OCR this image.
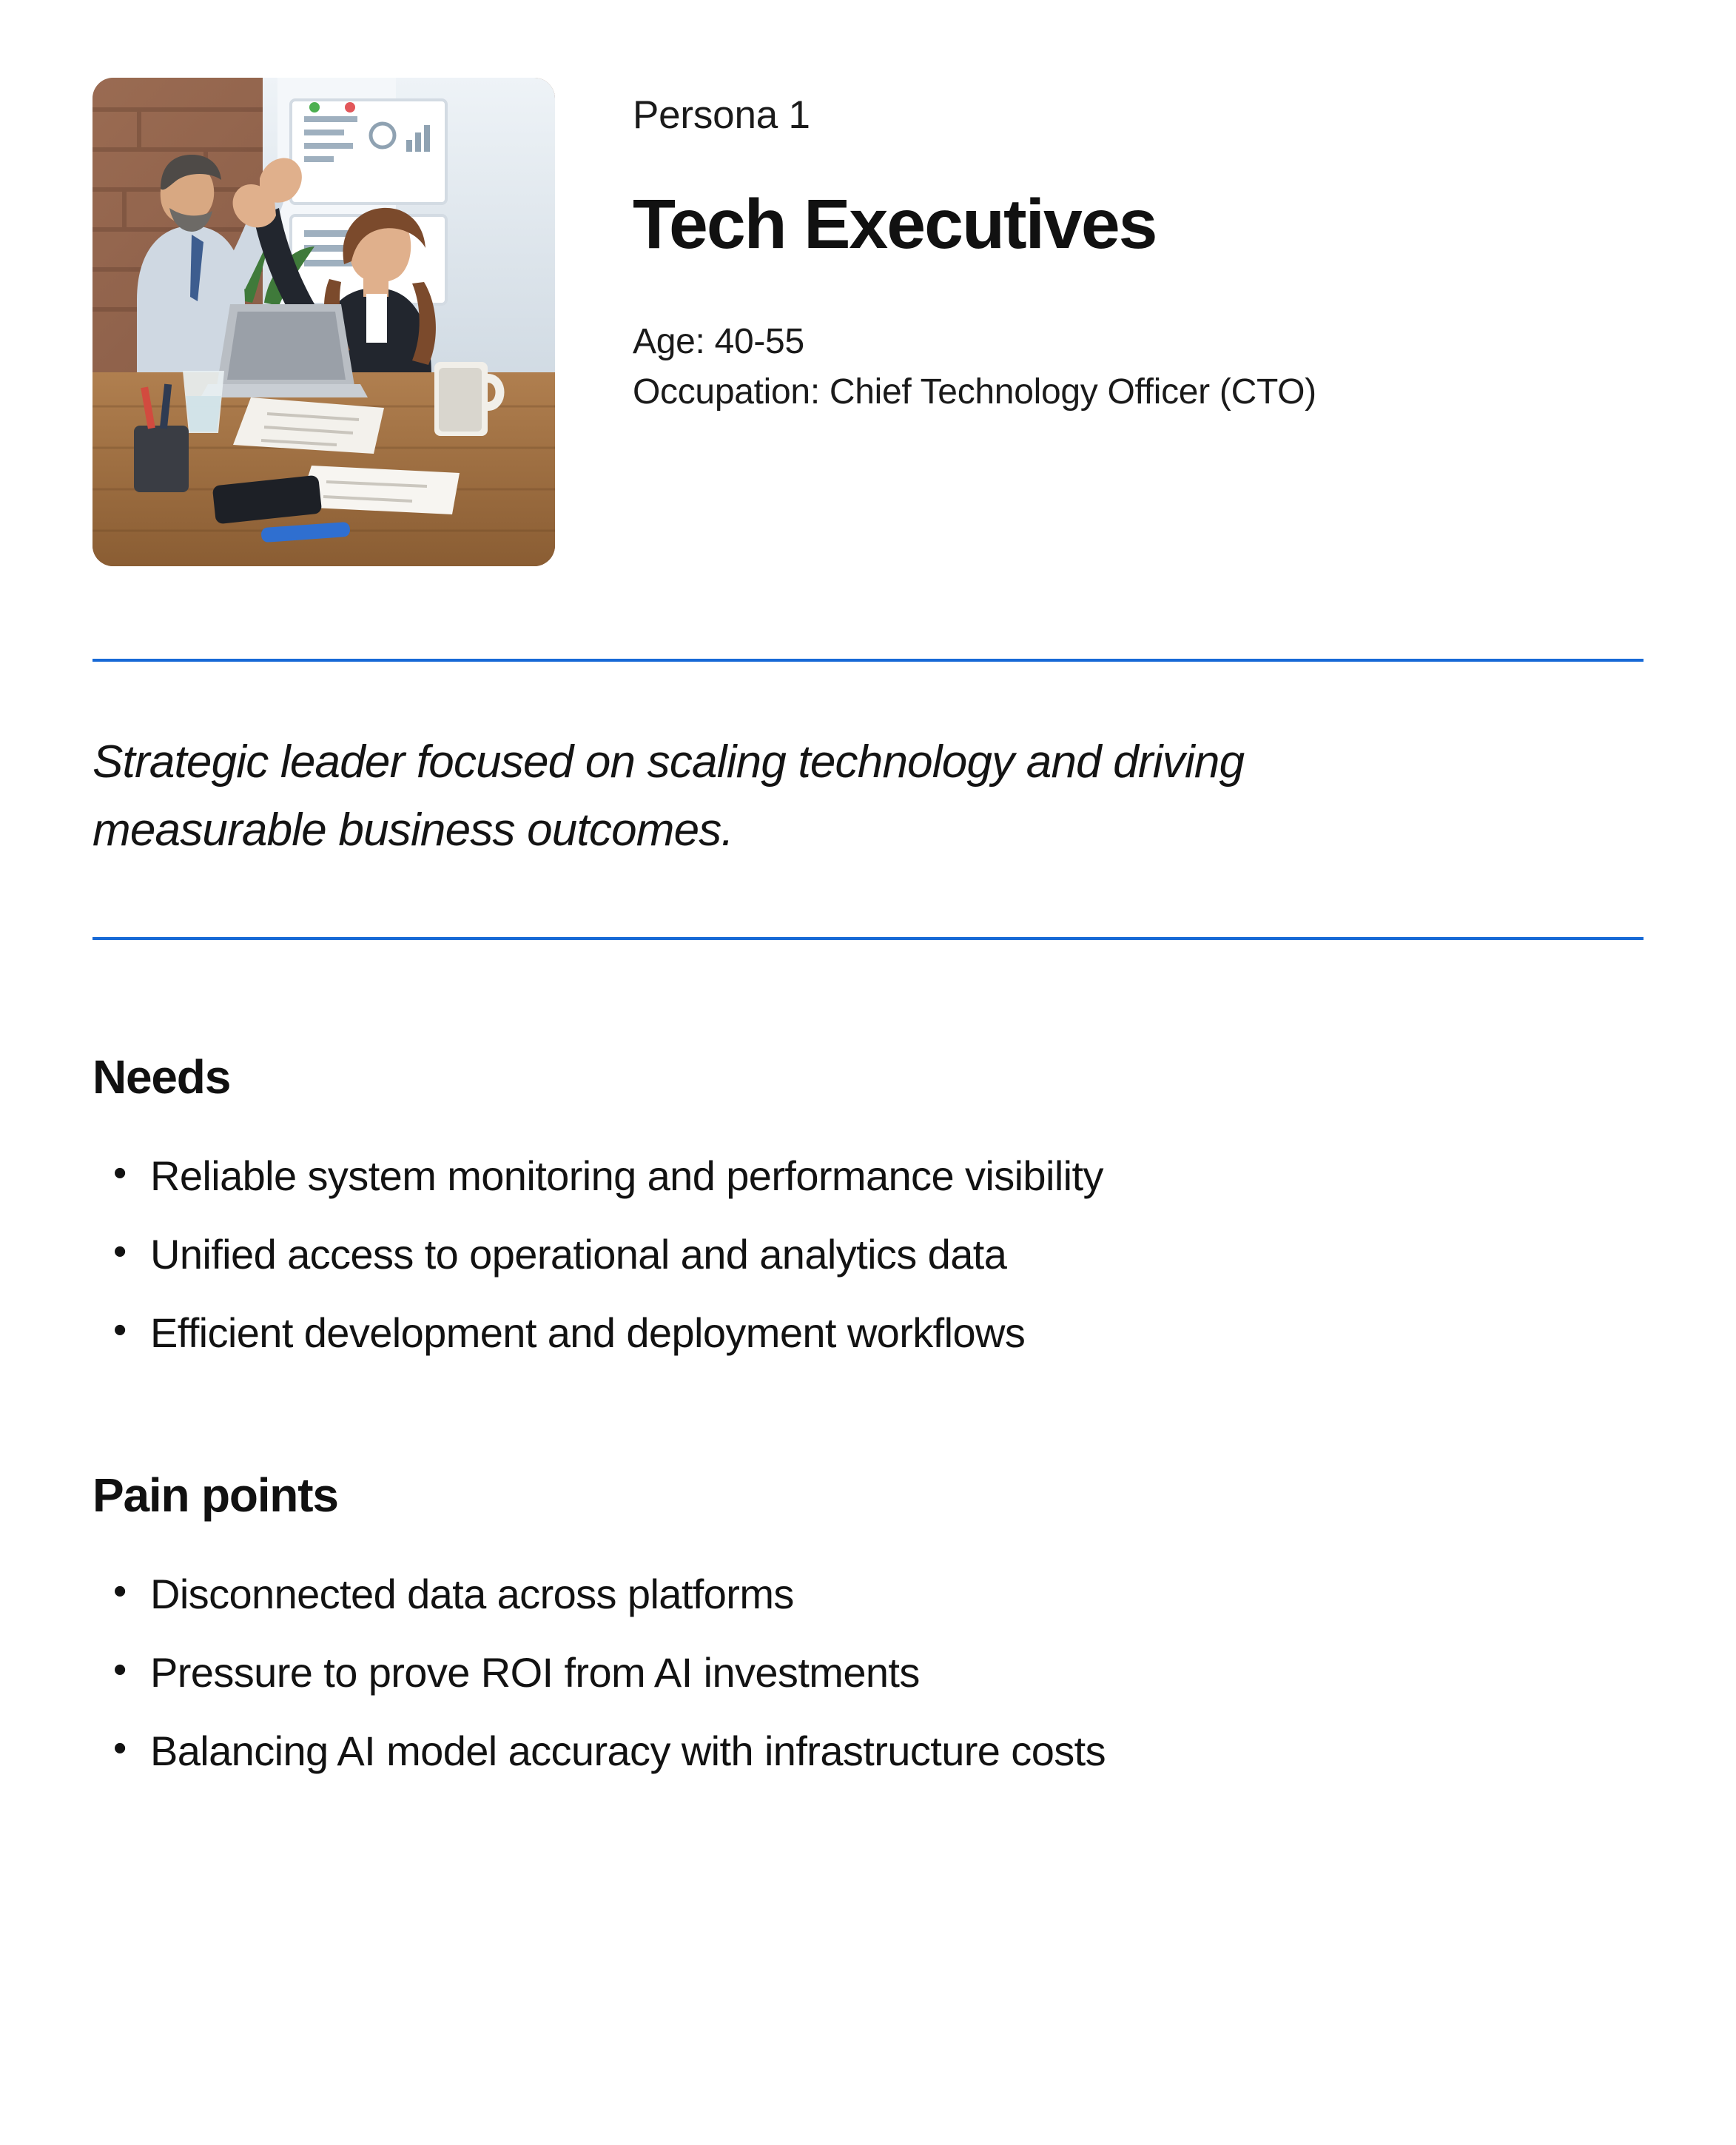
Persona 1
Tech Executives
Age: 40-55
Occupation: Chief Technology Officer (CTO)

Strategic leader focused on scaling technology and driving measurable business outcomes.

Needs
• Reliable system monitoring and performance visibility
• Unified access to operational and analytics data
• Efficient development and deployment workflows
Pain points
• Disconnected data across platforms
• Pressure to prove ROI from AI investments
• Balancing AI model accuracy with infrastructure costs
